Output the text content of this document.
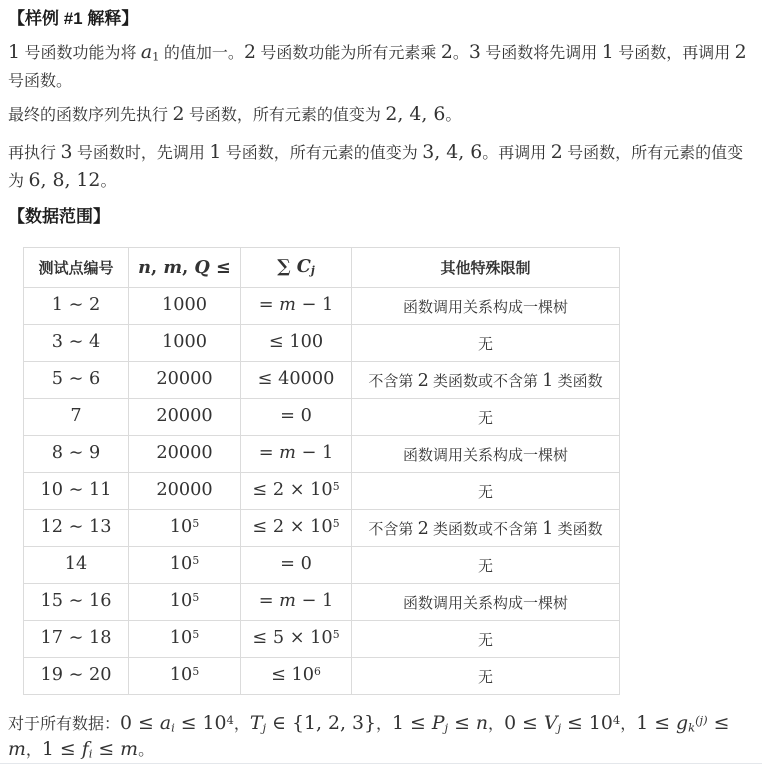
【样例 #1 解释】

1 号函数功能为将 a1 的值加一。2 号函数功能为所有元素乘 2。3 号函数将先调用 1 号函数，再调用 2 号函数。

最终的函数序列先执行 2 号函数，所有元素的值变为 2, 4, 6。

再执行 3 号函数时，先调用 1 号函数，所有元素的值变为 3, 4, 6。再调用 2 号函数，所有元素的值变为 6, 8, 12。

【数据范围】
测试点编号	n, m, Q ≤	∑ Cj	其他特殊限制
1 ∼ 2	1000	= m − 1	函数调用关系构成一棵树
3 ∼ 4	1000	≤ 100	无
5 ∼ 6	20000	≤ 40000	不含第 2 类函数或不含第 1 类函数
7	20000	= 0	无
8 ∼ 9	20000	= m − 1	函数调用关系构成一棵树
10 ∼ 11	20000	≤ $2 \times 10^5$	无
12 ∼ 13	$10^5$	≤ $2 \times 10^5$	不含第 2 类函数或不含第 1 类函数
14	$10^5$	= 0	无
15 ∼ 16	$10^5$	= m − 1	函数调用关系构成一棵树
17 ∼ 18	$10^5$	≤ $5 \times 10^5$	无
19 ∼ 20	$10^5$	≤ $10^6$	无

对于所有数据：0 ≤ ai ≤ $10^4$，Tj ∈ {1, 2, 3}，1 ≤ Pj ≤ n，$0 \le Vj \le 10^4$，$1 \le gk^{(j)} \le m$，1 ≤ fi ≤ m。
